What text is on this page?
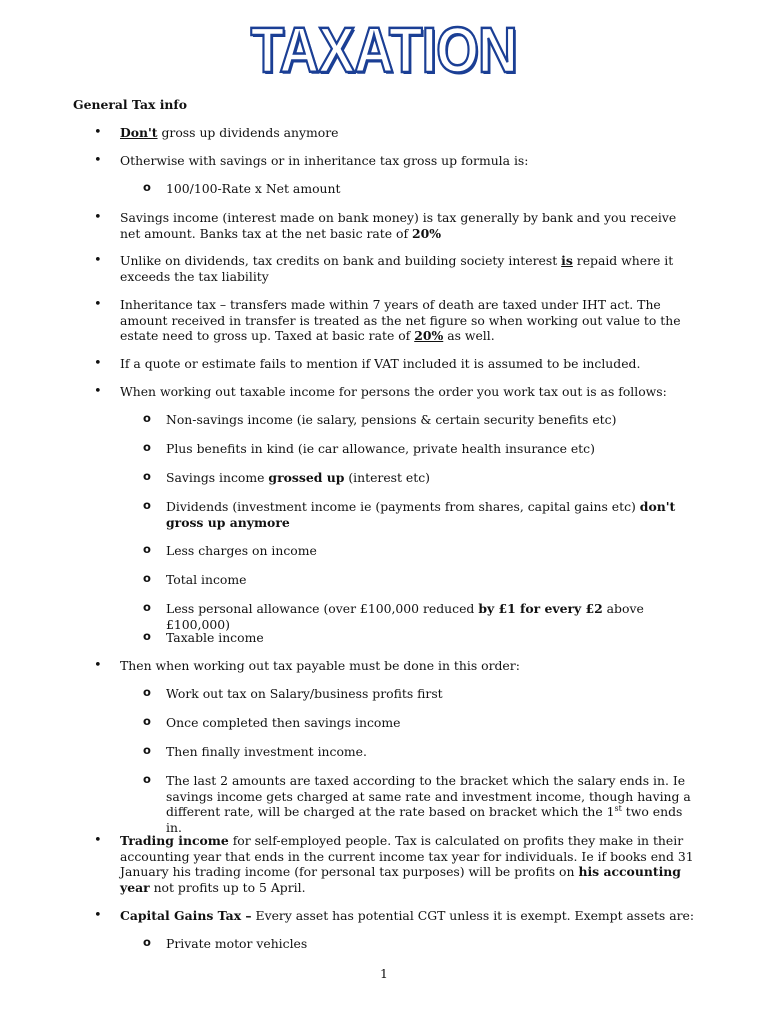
TAXATION
General Tax info
•	Don't gross up dividends anymore
•	Otherwise with savings or in inheritance tax gross up formula is:
o 100/100-Rate x Net amount
•	Savings income (interest made on bank money) is tax generally by bank and you receive net amount. Banks tax at the net basic rate of 20%
•	Unlike on dividends, tax credits on bank and building society interest is repaid where it exceeds the tax liability
•	Inheritance tax – transfers made within 7 years of death are taxed under IHT act. The amount received in transfer is treated as the net figure so when working out value to the estate need to gross up. Taxed at basic rate of 20% as well.
•	If a quote or estimate fails to mention if VAT included it is assumed to be included.
•	When working out taxable income for persons the order you work tax out is as follows:
o Non-savings income (ie salary, pensions & certain security benefits etc)
o Plus benefits in kind (ie car allowance, private health insurance etc)
o Savings income grossed up (interest etc)
o Dividends (investment income ie (payments from shares, capital gains etc) don't gross up anymore
o Less charges on income
o Total income
o Less personal allowance (over £100,000 reduced by £1 for every £2 above £100,000)
o Taxable income
•	Then when working out tax payable must be done in this order:
o Work out tax on Salary/business profits first
o Once completed then savings income
o Then finally investment income.
o The last 2 amounts are taxed according to the bracket which the salary ends in. Ie savings income gets charged at same rate and investment income, though having a different rate, will be charged at the rate based on bracket which the 1st two ends in.
•	Trading income for self-employed people. Tax is calculated on profits they make in their accounting year that ends in the current income tax year for individuals. Ie if books end 31 January his trading income (for personal tax purposes) will be profits on his accounting year not profits up to 5 April.
•	Capital Gains Tax – Every asset has potential CGT unless it is exempt. Exempt assets are:
o Private motor vehicles
1
